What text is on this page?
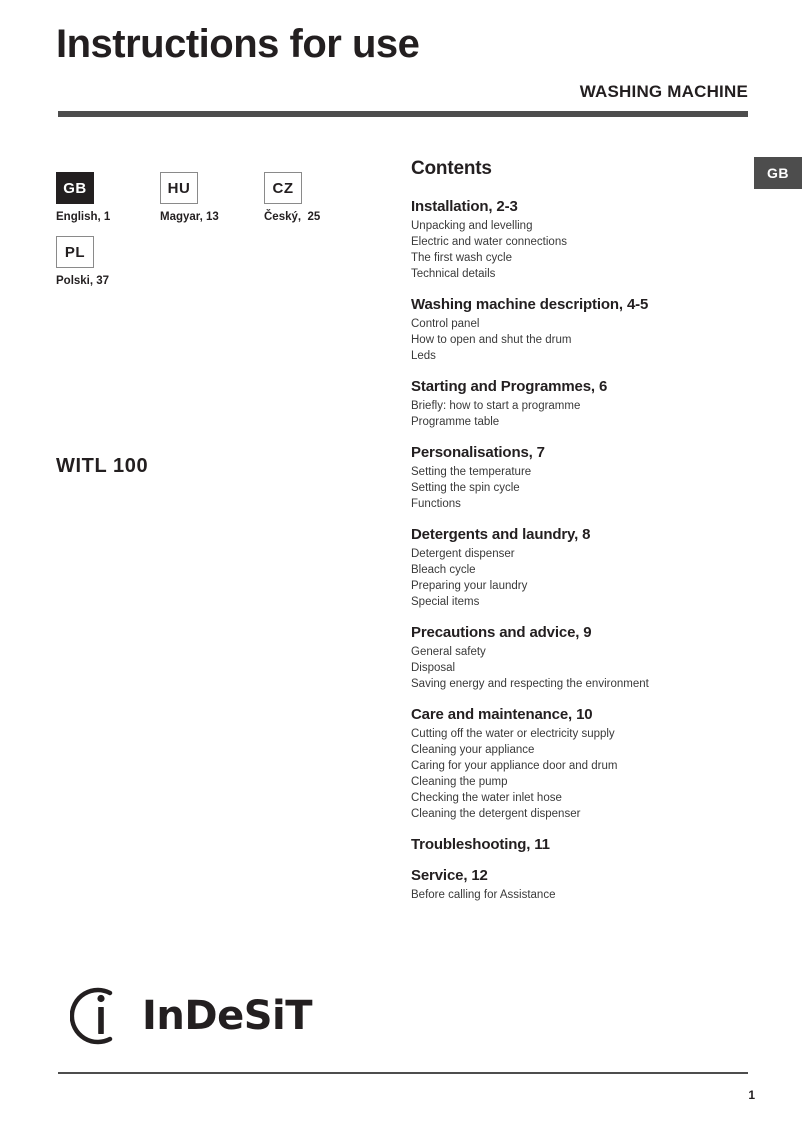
Instructions for use
WASHING MACHINE
GB
GB
English, 1
HU
Magyar, 13
CZ
Český,  25
PL
Polski, 37
WITL 100
Contents
Installation, 2-3
Unpacking and levelling
Electric and water connections
The first wash cycle
Technical details
Washing machine description, 4-5
Control panel
How to open and shut the drum
Leds
Starting and Programmes, 6
Briefly: how to start a programme
Programme table
Personalisations, 7
Setting the temperature
Setting the spin cycle
Functions
Detergents and laundry, 8
Detergent dispenser
Bleach cycle
Preparing your laundry
Special items
Precautions and advice, 9
General safety
Disposal
Saving energy and respecting the environment
Care and maintenance, 10
Cutting off the water or electricity supply
Cleaning your appliance
Caring for your appliance door and drum
Cleaning the pump
Checking the water inlet hose
Cleaning the detergent dispenser
Troubleshooting, 11
Service, 12
Before calling for Assistance
InDeSiT
1
